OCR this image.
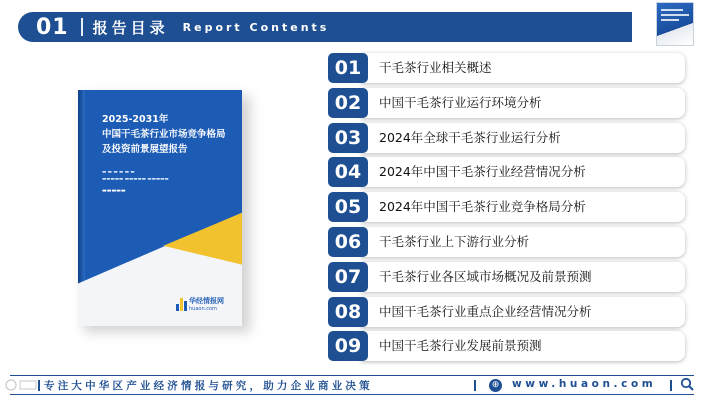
01 报告目录 Report Contents
2025-2031年
中国干毛茶行业市场竞争格局
及投资前景展望报告
▬ ▬ ▬ ▬ ▬ ▬
▬▬▬▬▬ ▬▬▬▬▬ ▬▬▬▬▬
▬▬▬▬▬
华经情报网
huaon.com
01	干毛茶行业相关概述
02	中国干毛茶行业运行环境分析
03	2024年全球干毛茶行业运行分析
04	2024年中国干毛茶行业经营情况分析
05	2024年中国干毛茶行业竞争格局分析
06	干毛茶行业上下游行业分析
07	干毛茶行业各区域市场概况及前景预测
08	中国干毛茶行业重点企业经营情况分析
09	中国干毛茶行业发展前景预测
专注大中华区产业经济情报与研究，助力企业商业决策	⊕ www.huaon.com
